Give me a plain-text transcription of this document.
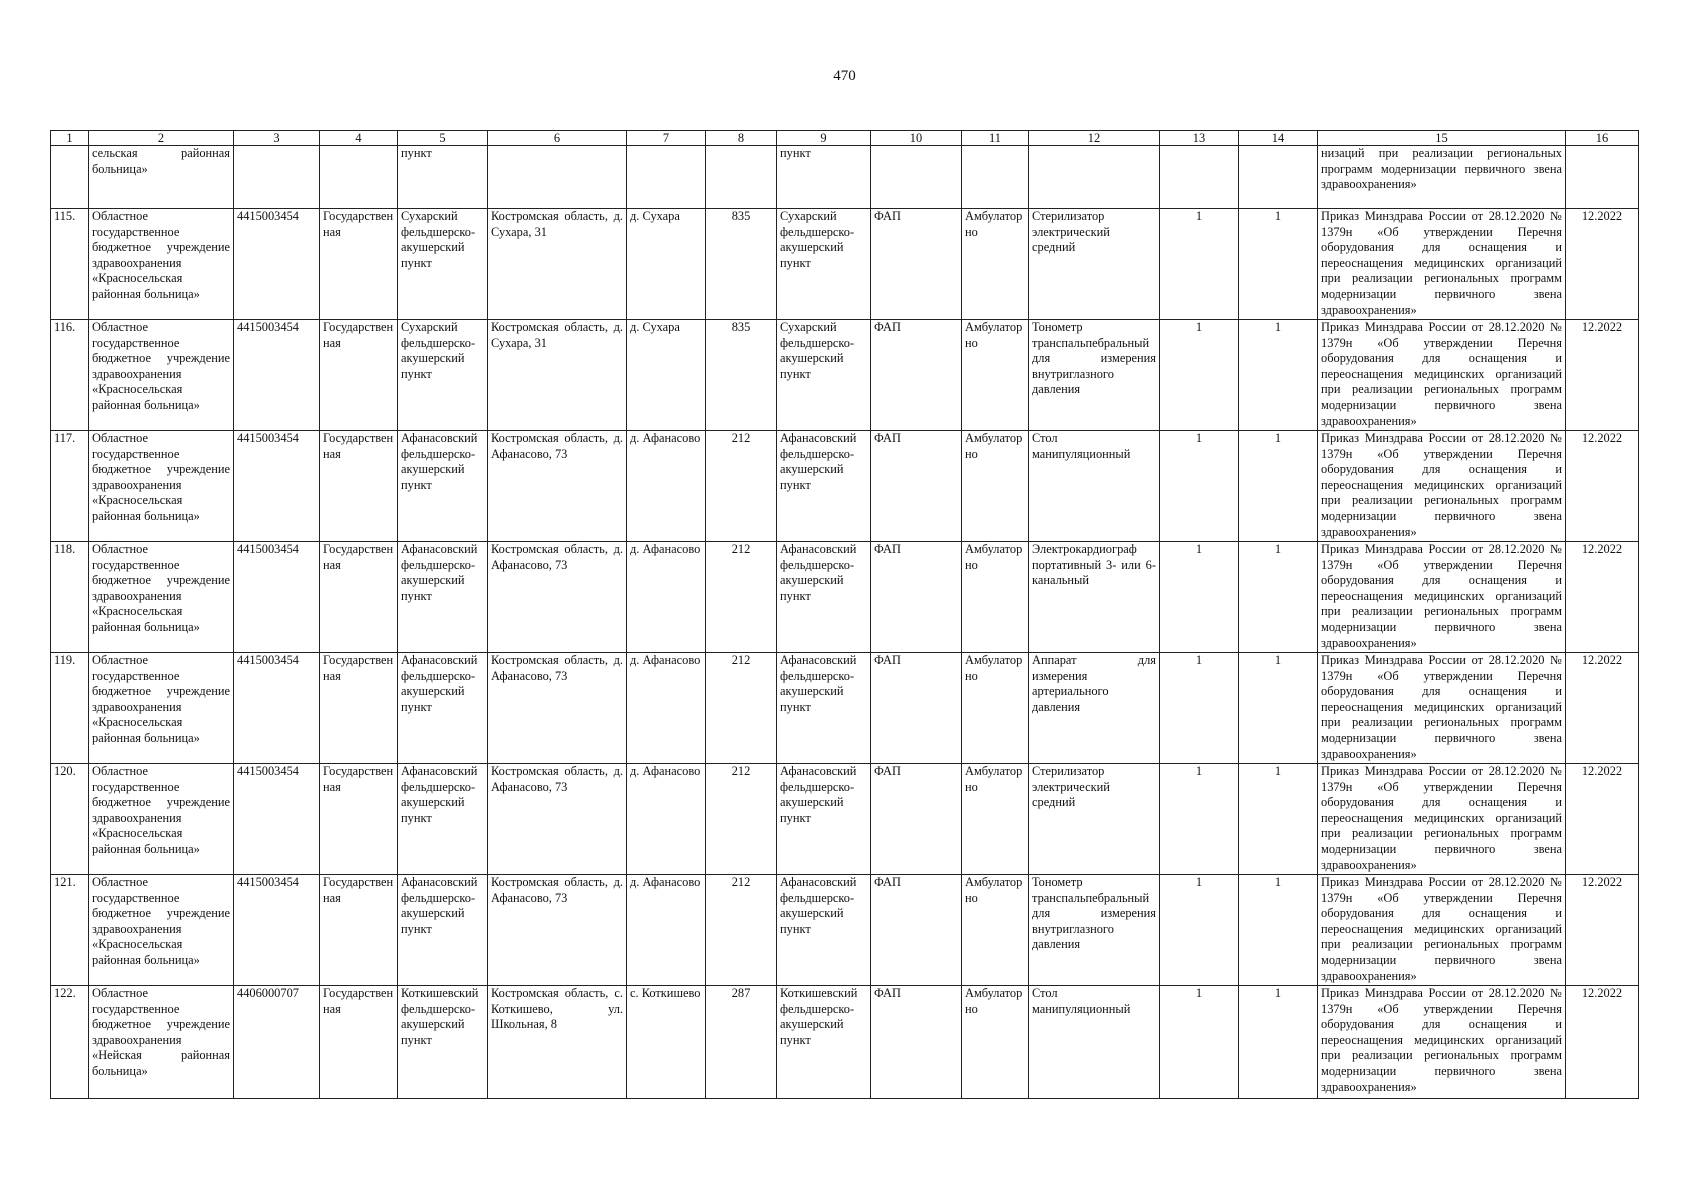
470
1	2	3	4	5	6	7	8	9	10	11	12	13	14	15	16
	сельская районная больница»			пункт				пункт						низаций при реализации региональных программ модернизации первичного звена здравоохранения»	
115.	Областное государственное бюджетное учреждение здравоохранения «Красносельская районная больница»	4415003454	Государственная	Сухарский фельдшерско-акушерский пункт	Костромская область, д. Сухара, 31	д. Сухара	835	Сухарский фельдшерско-акушерский пункт	ФАП	Амбулаторно	Стерилизатор электрический средний	1	1	Приказ Минздрава России от 28.12.2020 № 1379н «Об утверждении Перечня оборудования для оснащения и переоснащения медицинских организаций при реализации региональных программ модернизации первичного звена здравоохранения»	12.2022
116.	Областное государственное бюджетное учреждение здравоохранения «Красносельская районная больница»	4415003454	Государственная	Сухарский фельдшерско-акушерский пункт	Костромская область, д. Сухара, 31	д. Сухара	835	Сухарский фельдшерско-акушерский пункт	ФАП	Амбулаторно	Тонометр транспальпебральный для измерения внутриглазного давления	1	1	Приказ Минздрава России от 28.12.2020 № 1379н «Об утверждении Перечня оборудования для оснащения и переоснащения медицинских организаций при реализации региональных программ модернизации первичного звена здравоохранения»	12.2022
117.	Областное государственное бюджетное учреждение здравоохранения «Красносельская районная больница»	4415003454	Государственная	Афанасовский фельдшерско-акушерский пункт	Костромская область, д. Афанасово, 73	д. Афанасово	212	Афанасовский фельдшерско-акушерский пункт	ФАП	Амбулаторно	Стол манипуляционный	1	1	Приказ Минздрава России от 28.12.2020 № 1379н «Об утверждении Перечня оборудования для оснащения и переоснащения медицинских организаций при реализации региональных программ модернизации первичного звена здравоохранения»	12.2022
118.	Областное государственное бюджетное учреждение здравоохранения «Красносельская районная больница»	4415003454	Государственная	Афанасовский фельдшерско-акушерский пункт	Костромская область, д. Афанасово, 73	д. Афанасово	212	Афанасовский фельдшерско-акушерский пункт	ФАП	Амбулаторно	Электрокардиограф портативный 3- или 6-канальный	1	1	Приказ Минздрава России от 28.12.2020 № 1379н «Об утверждении Перечня оборудования для оснащения и переоснащения медицинских организаций при реализации региональных программ модернизации первичного звена здравоохранения»	12.2022
119.	Областное государственное бюджетное учреждение здравоохранения «Красносельская районная больница»	4415003454	Государственная	Афанасовский фельдшерско-акушерский пункт	Костромская область, д. Афанасово, 73	д. Афанасово	212	Афанасовский фельдшерско-акушерский пункт	ФАП	Амбулаторно	Аппарат для измерения артериального давления	1	1	Приказ Минздрава России от 28.12.2020 № 1379н «Об утверждении Перечня оборудования для оснащения и переоснащения медицинских организаций при реализации региональных программ модернизации первичного звена здравоохранения»	12.2022
120.	Областное государственное бюджетное учреждение здравоохранения «Красносельская районная больница»	4415003454	Государственная	Афанасовский фельдшерско-акушерский пункт	Костромская область, д. Афанасово, 73	д. Афанасово	212	Афанасовский фельдшерско-акушерский пункт	ФАП	Амбулаторно	Стерилизатор электрический средний	1	1	Приказ Минздрава России от 28.12.2020 № 1379н «Об утверждении Перечня оборудования для оснащения и переоснащения медицинских организаций при реализации региональных программ модернизации первичного звена здравоохранения»	12.2022
121.	Областное государственное бюджетное учреждение здравоохранения «Красносельская районная больница»	4415003454	Государственная	Афанасовский фельдшерско-акушерский пункт	Костромская область, д. Афанасово, 73	д. Афанасово	212	Афанасовский фельдшерско-акушерский пункт	ФАП	Амбулаторно	Тонометр транспальпебральный для измерения внутриглазного давления	1	1	Приказ Минздрава России от 28.12.2020 № 1379н «Об утверждении Перечня оборудования для оснащения и переоснащения медицинских организаций при реализации региональных программ модернизации первичного звена здравоохранения»	12.2022
122.	Областное государственное бюджетное учреждение здравоохранения «Нейская районная больница»	4406000707	Государственная	Коткишевский фельдшерско-акушерский пункт	Костромская область, с. Коткишево, ул. Школьная, 8	с. Коткишево	287	Коткишевский фельдшерско-акушерский пункт	ФАП	Амбулаторно	Стол манипуляционный	1	1	Приказ Минздрава России от 28.12.2020 № 1379н «Об утверждении Перечня оборудования для оснащения и переоснащения медицинских организаций при реализации региональных программ модернизации первичного звена здравоохранения»	12.2022
